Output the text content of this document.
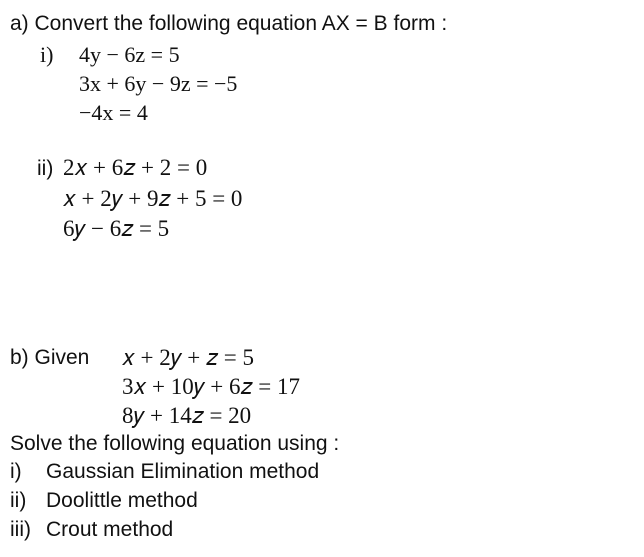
a) Convert the following equation AX = B form :
i) 4y − 6z = 5
3x + 6y − 9z = −5
−4x = 4
ii) 2𝑥 + 6𝑧 + 2 = 0
𝑥 + 2𝑦 + 9𝑧 + 5 = 0
6𝑦 − 6𝑧 = 5
b) Given 𝑥 + 2𝑦 + 𝑧 = 5
3𝑥 + 10𝑦 + 6𝑧 = 17
8𝑦 + 14𝑧 = 20
Solve the following equation using :
i) Gaussian Elimination method
ii) Doolittle method
iii) Crout method
